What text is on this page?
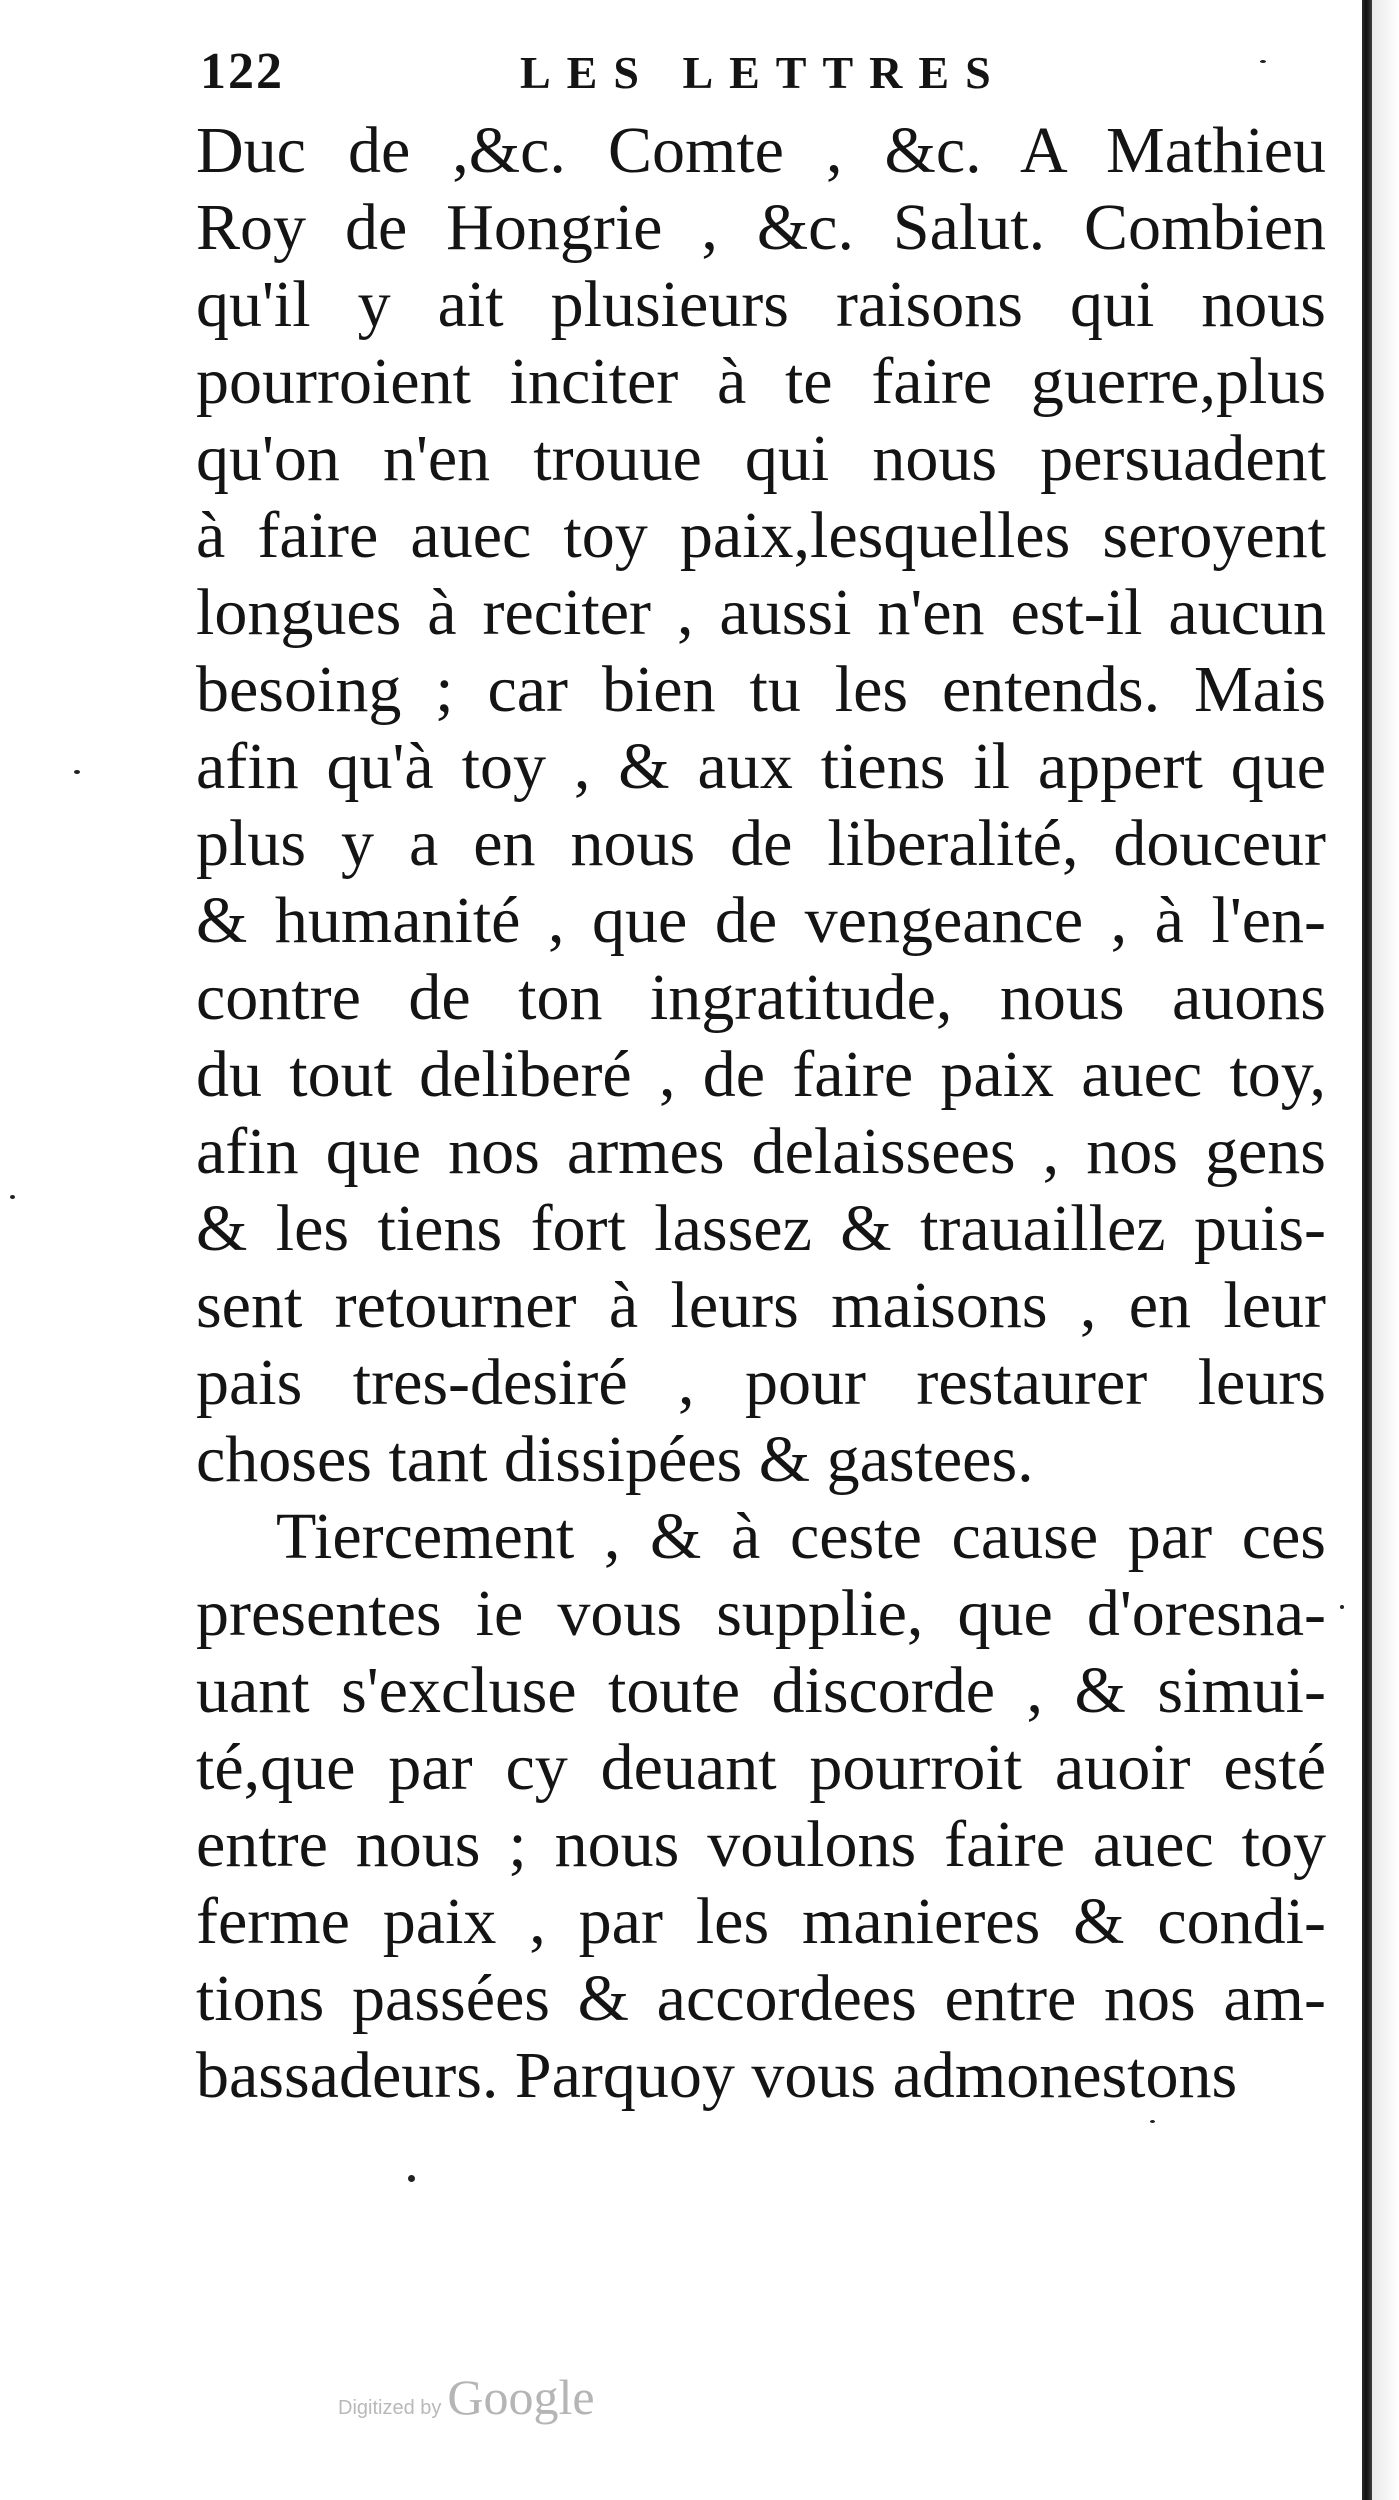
122	LES LETTRES
Duc de ,&c. Comte , &c. A Mathieu
Roy de Hongrie , &c. Salut. Combien
qu'il y ait plusieurs raisons qui nous
pourroient inciter à te faire guerre,plus
qu'on n'en trouue qui nous persuadent
à faire auec toy paix,lesquelles seroyent
longues à reciter , aussi n'en est-il aucun
besoing ; car bien tu les entends. Mais
afin qu'à toy , & aux tiens il appert que
plus y a en nous de liberalité, douceur
& humanité , que de vengeance , à l'en-
contre de ton ingratitude, nous auons
du tout deliberé , de faire paix auec toy,
afin que nos armes delaissees , nos gens
& les tiens fort lassez & trauaillez puis-
sent retourner à leurs maisons , en leur
pais tres-desiré , pour restaurer leurs
choses tant dissipées & gastees.
Tiercement , & à ceste cause par ces
presentes ie vous supplie, que d'oresna-
uant s'excluse toute discorde , & simui-
té,que par cy deuant pourroit auoir esté
entre nous ; nous voulons faire auec toy
ferme paix , par les manieres & condi-
tions passées & accordees entre nos am-
bassadeurs. Parquoy vous admonestons
Digitized by Google
